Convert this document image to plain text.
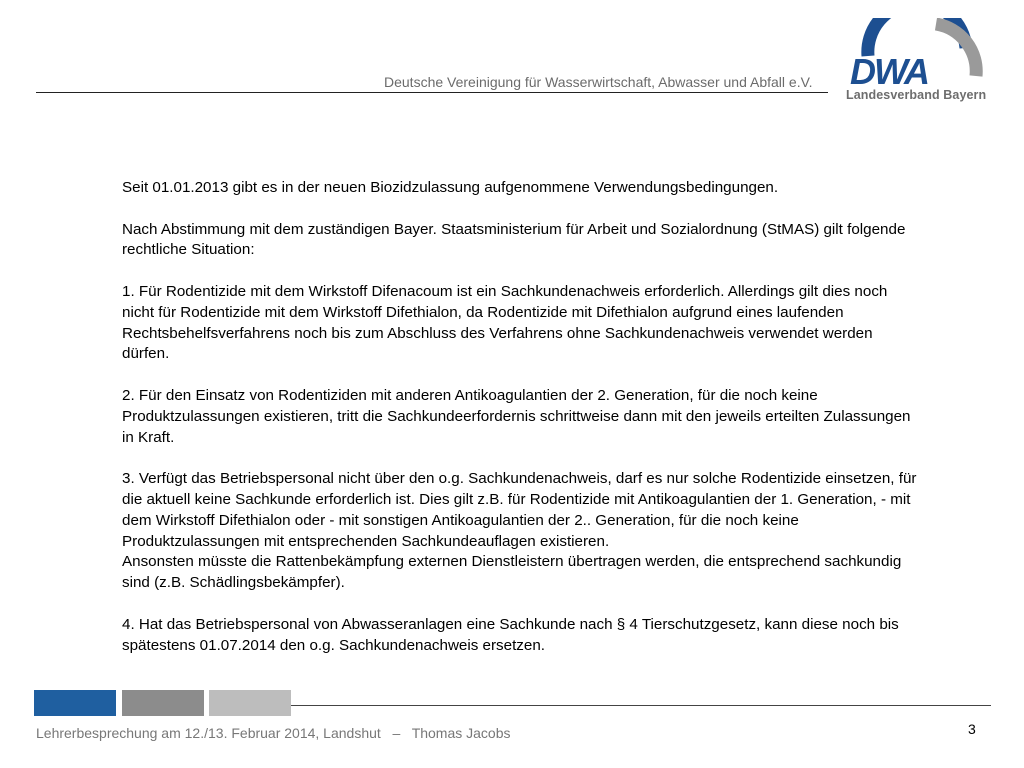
Deutsche Vereinigung für Wasserwirtschaft, Abwasser und Abfall e.V. DWA
Landesverband Bayern

Seit 01.01.2013 gibt es in der neuen Biozidzulassung aufgenommene Verwendungsbedingungen.

Nach Abstimmung mit dem zuständigen Bayer. Staatsministerium für Arbeit und Sozialordnung (StMAS) gilt folgende rechtliche Situation:

1. Für Rodentizide mit dem Wirkstoff Difenacoum ist ein Sachkundenachweis erforderlich. Allerdings gilt dies noch nicht für Rodentizide mit dem Wirkstoff Difethialon, da Rodentizide mit Difethialon aufgrund eines laufenden Rechtsbehelfsverfahrens noch bis zum Abschluss des Verfahrens ohne Sachkundenachweis verwendet werden dürfen.

2. Für den Einsatz von Rodentiziden mit anderen Antikoagulantien der 2. Generation, für die noch keine Produktzulassungen existieren, tritt die Sachkundeerfordernis schrittweise dann mit den jeweils erteilten Zulassungen in Kraft.

3. Verfügt das Betriebspersonal nicht über den o.g. Sachkundenachweis, darf es nur solche Rodentizide einsetzen, für die aktuell keine Sachkunde erforderlich ist. Dies gilt z.B. für Rodentizide mit Antikoagulantien der 1. Generation, - mit dem Wirkstoff Difethialon oder - mit sonstigen Antikoagulantien der 2.. Generation, für die noch keine Produktzulassungen mit entsprechenden Sachkundeauflagen existieren.

Ansonsten müsste die Rattenbekämpfung externen Dienstleistern übertragen werden, die entsprechend sachkundig sind (z.B. Schädlingsbekämpfer).

4. Hat das Betriebspersonal von Abwasseranlagen eine Sachkunde nach § 4 Tierschutzgesetz, kann diese noch bis spätestens 01.07.2014 den o.g. Sachkundenachweis ersetzen.

Lehrerbesprechung am 12./13. Februar 2014, Landshut – Thomas Jacobs	3
